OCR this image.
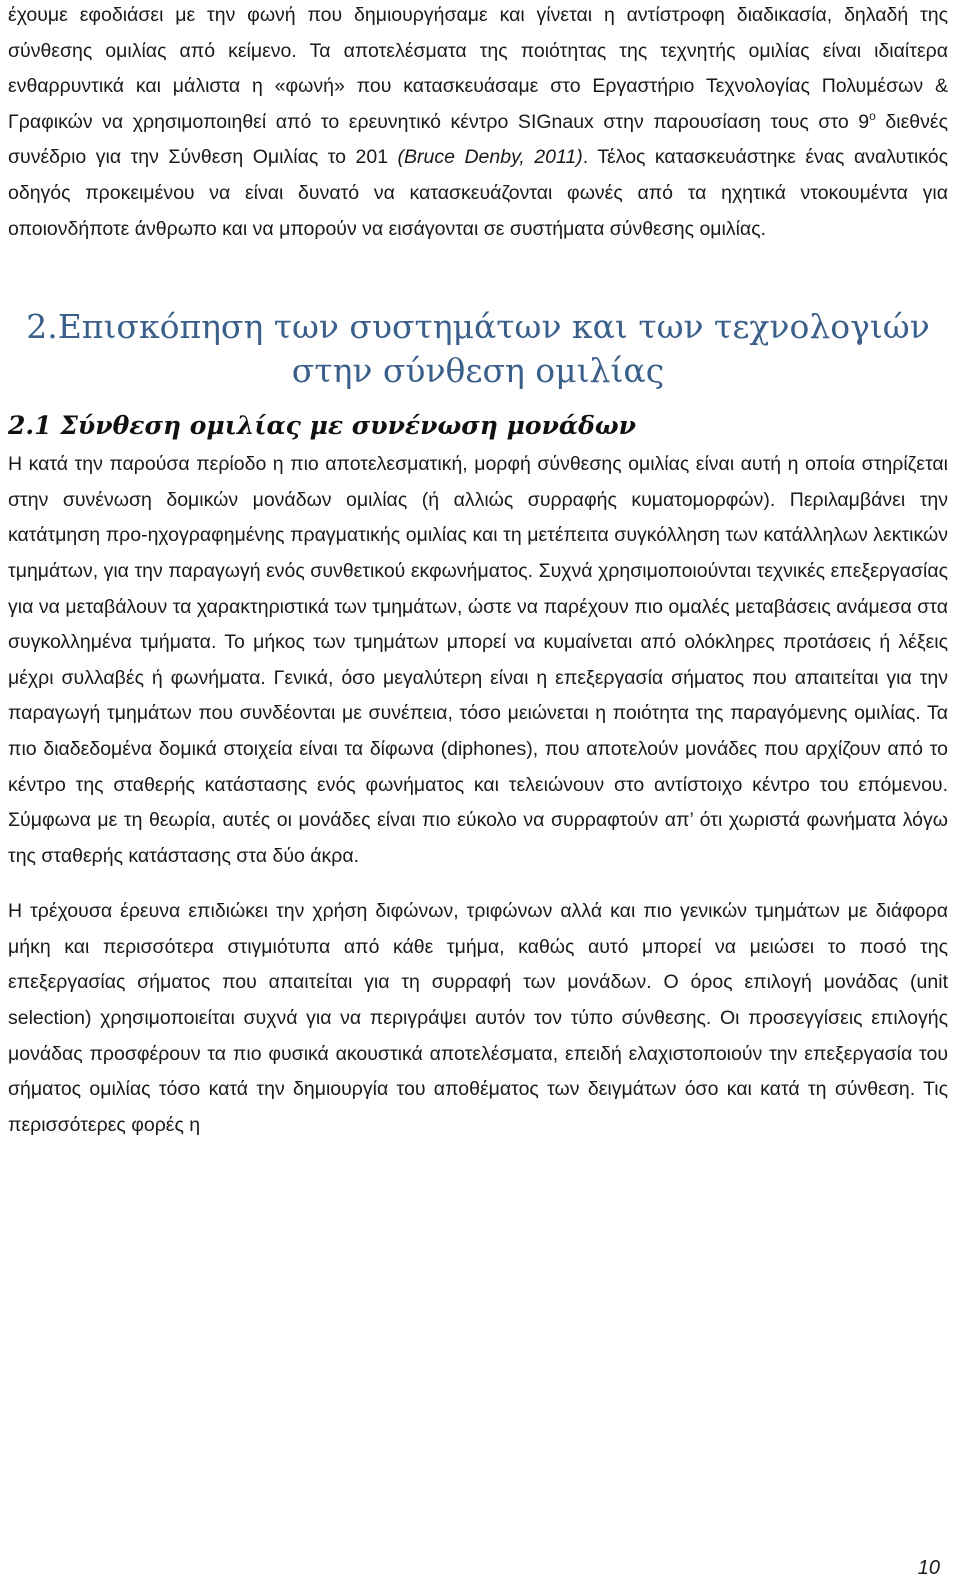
έχουμε εφοδιάσει με την φωνή που δημιουργήσαμε και γίνεται η αντίστροφη διαδικασία, δηλαδή της σύνθεσης ομιλίας από κείμενο. Τα αποτελέσματα της ποιότητας της τεχνητής ομιλίας είναι ιδιαίτερα ενθαρρυντικά και μάλιστα η «φωνή» που κατασκευάσαμε στο Εργαστήριο Τεχνολογίας Πολυμέσων & Γραφικών να χρησιμοποιηθεί από το ερευνητικό κέντρο SIGnaux στην παρουσίαση τους στο $9^o$ διεθνές συνέδριο για την Σύνθεση Ομιλίας το 201 (Bruce Denby, 2011). Τέλος κατασκευάστηκε ένας αναλυτικός οδηγός προκειμένου να είναι δυνατό να κατασκευάζονται φωνές από τα ηχητικά ντοκουμέντα για οποιονδήποτε άνθρωπο και να μπορούν να εισάγονται σε συστήματα σύνθεσης ομιλίας.

2.Επισκόπηση των συστημάτων και των τεχνολογιών
στην σύνθεση ομιλίας
2.1 Σύνθεση ομιλίας με συνένωση μονάδων

Η κατά την παρούσα περίοδο η πιο αποτελεσματική, μορφή σύνθεσης ομιλίας είναι αυτή η οποία στηρίζεται στην συνένωση δομικών μονάδων ομιλίας (ή αλλιώς συρραφής κυματομορφών). Περιλαμβάνει την κατάτμηση προ-ηχογραφημένης πραγματικής ομιλίας και τη μετέπειτα συγκόλληση των κατάλληλων λεκτικών τμημάτων, για την παραγωγή ενός συνθετικού εκφωνήματος. Συχνά χρησιμοποιούνται τεχνικές επεξεργασίας για να μεταβάλουν τα χαρακτηριστικά των τμημάτων, ώστε να παρέχουν πιο ομαλές μεταβάσεις ανάμεσα στα συγκολλημένα τμήματα. Το μήκος των τμημάτων μπορεί να κυμαίνεται από ολόκληρες προτάσεις ή λέξεις μέχρι συλλαβές ή φωνήματα. Γενικά, όσο μεγαλύτερη είναι η επεξεργασία σήματος που απαιτείται για την παραγωγή τμημάτων που συνδέονται με συνέπεια, τόσο μειώνεται η ποιότητα της παραγόμενης ομιλίας. Τα πιο διαδεδομένα δομικά στοιχεία είναι τα δίφωνα (diphones), που αποτελούν μονάδες που αρχίζουν από το κέντρο της σταθερής κατάστασης ενός φωνήματος και τελειώνουν στο αντίστοιχο κέντρο του επόμενου. Σύμφωνα με τη θεωρία, αυτές οι μονάδες είναι πιο εύκολο να συρραφτούν απ’ ότι χωριστά φωνήματα λόγω της σταθερής κατάστασης στα δύο άκρα.

Η τρέχουσα έρευνα επιδιώκει την χρήση διφώνων, τριφώνων αλλά και πιο γενικών τμημάτων με διάφορα μήκη και περισσότερα στιγμιότυπα από κάθε τμήμα, καθώς αυτό μπορεί να μειώσει το ποσό της επεξεργασίας σήματος που απαιτείται για τη συρραφή των μονάδων. Ο όρος επιλογή μονάδας (unit selection) χρησιμοποιείται συχνά για να περιγράψει αυτόν τον τύπο σύνθεσης. Οι προσεγγίσεις επιλογής μονάδας προσφέρουν τα πιο φυσικά ακουστικά αποτελέσματα, επειδή ελαχιστοποιούν την επεξεργασία του σήματος ομιλίας τόσο κατά την δημιουργία του αποθέματος των δειγμάτων όσο και κατά τη σύνθεση. Τις περισσότερες φορές η

10
